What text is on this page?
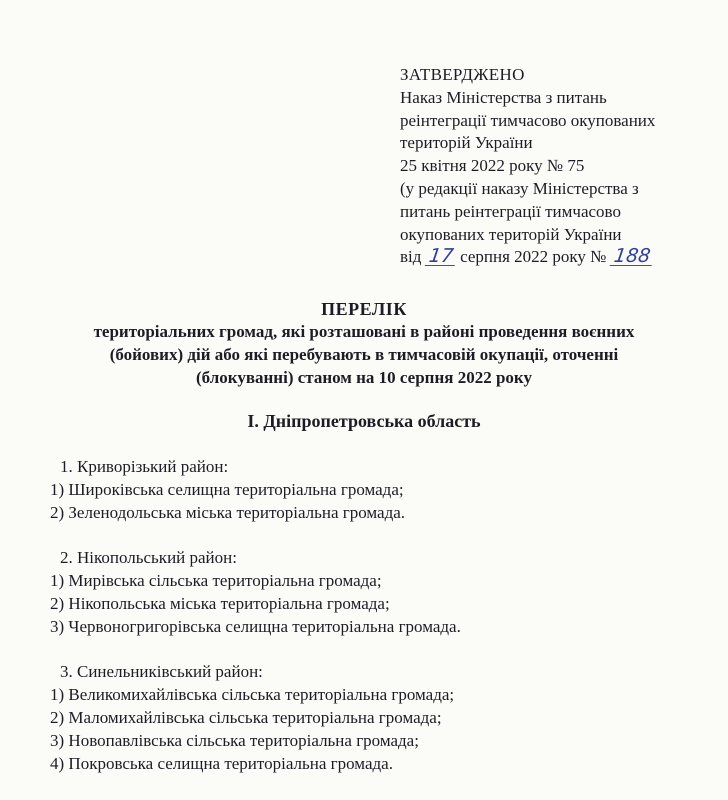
ЗАТВЕРДЖЕНО
Наказ Міністерства з питань
реінтеграції тимчасово окупованих
територій України
25 квітня 2022 року № 75
(у редакції наказу Міністерства з
питань реінтеграції тимчасово
окупованих територій України
від 17 серпня 2022 року № 188
ПЕРЕЛІК
територіальних громад, які розташовані в районі проведення воєнних
(бойових) дій або які перебувають в тимчасовій окупації, оточенні
(блокуванні) станом на 10 серпня 2022 року
І. Дніпропетровська область
1. Криворізький район:
1) Широківська селищна територіальна громада;
2) Зеленодольська міська територіальна громада.
2. Нікопольський район:
1) Мирівська сільська територіальна громада;
2) Нікопольська міська територіальна громада;
3) Червоногригорівська селищна територіальна громада.
3. Синельниківський район:
1) Великомихайлівська сільська територіальна громада;
2) Маломихайлівська сільська територіальна громада;
3) Новопавлівська сільська територіальна громада;
4) Покровська селищна територіальна громада.
